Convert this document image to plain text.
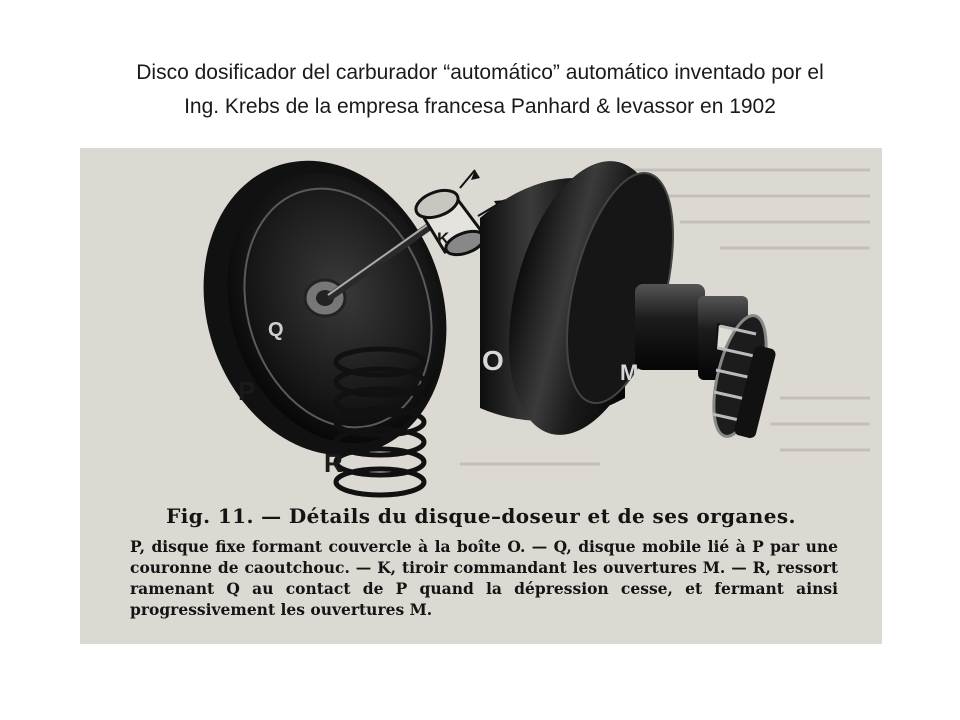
Disco dosificador del carburador “automático” automático inventado por el
Ing. Krebs de la empresa francesa Panhard & levassor en 1902
Q
P
R
K
O	M
Fig. 11. — Détails du disque–doseur et de ses organes.
P, disque fixe formant couvercle à la boîte O. — Q, disque mobile lié à P par une couronne de caoutchouc. — K, tiroir commandant les ouvertures M. — R, ressort ramenant Q au contact de P quand la dépression cesse, et fermant ainsi progressivement les ouvertures M.
